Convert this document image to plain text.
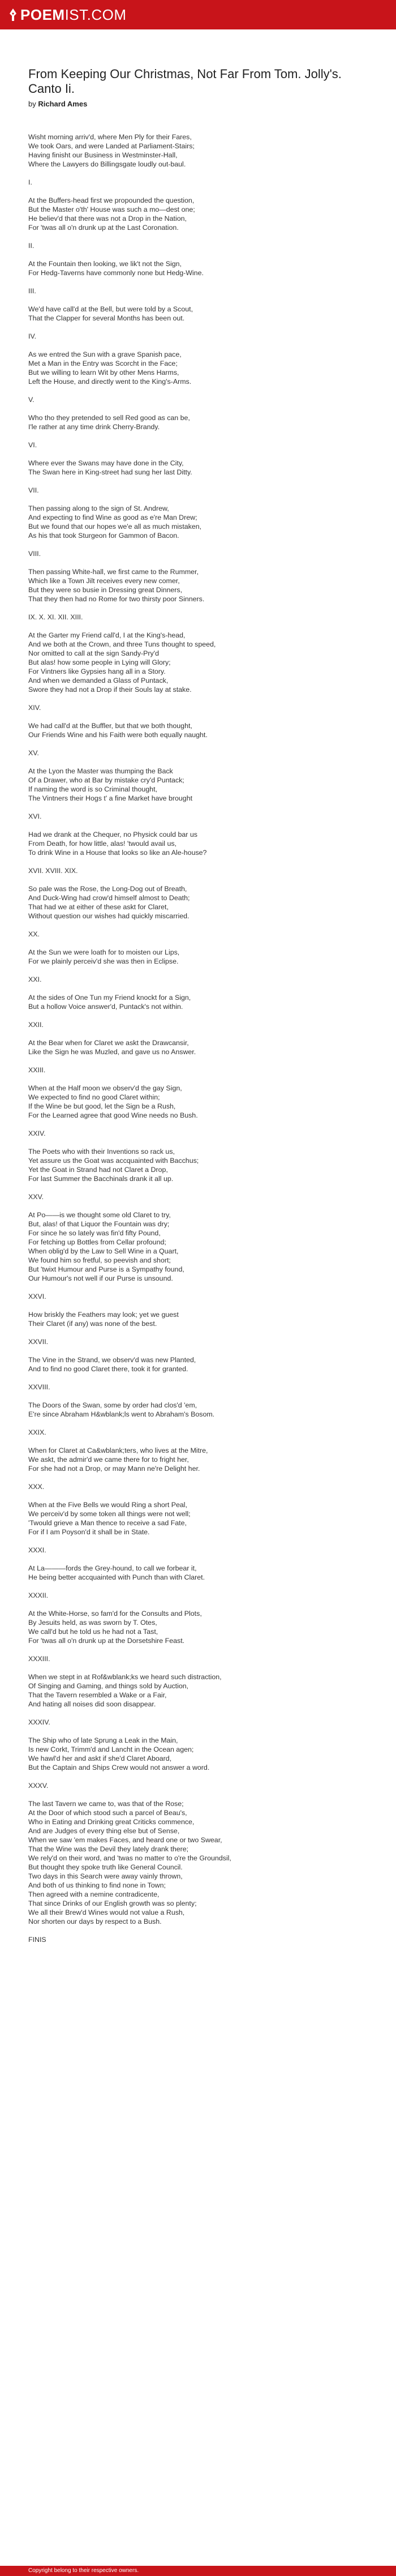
POEMIST.COM
From Keeping Our Christmas, Not Far From Tom. Jolly's. Canto Ii.
by Richard Ames
Wisht morning arriv'd, where Men Ply for their Fares,
We took Oars, and were Landed at Parliament-Stairs;
Having finisht our Business in Westminster-Hall,
Where the Lawyers do Billingsgate loudly out-baul.
I.
At the Buffers-head first we propounded the question,
But the Master o'th' House was such a mo—dest one;
He believ'd that there was not a Drop in the Nation,
For 'twas all o'n drunk up at the Last Coronation.
II.
At the Fountain then looking, we lik't not the Sign,
For Hedg-Taverns have commonly none but Hedg-Wine.
III.
We'd have call'd at the Bell, but were told by a Scout,
That the Clapper for several Months has been out.
IV.
As we entred the Sun with a grave Spanish pace,
Met a Man in the Entry was Scorcht in the Face;
But we willing to learn Wit by other Mens Harms,
Left the House, and directly went to the King's-Arms.
V.
Who tho they pretended to sell Red good as can be,
I'le rather at any time drink Cherry-Brandy.
VI.
Where ever the Swans may have done in the City,
The Swan here in King-street had sung her last Ditty.
VII.
Then passing along to the sign of St. Andrew,
And expecting to find Wine as good as e're Man Drew;
But we found that our hopes we'e all as much mistaken,
As his that took Sturgeon for Gammon of Bacon.
VIII.
Then passing White-hall, we first came to the Rummer,
Which like a Town Jilt receives every new comer,
But they were so busie in Dressing great Dinners,
That they then had no Rome for two thirsty poor Sinners.
IX. X. XI. XII. XIII.
At the Garter my Friend call'd, I at the King's-head,
And we both at the Crown, and three Tuns thought to speed,
Nor omitted to call at the sign Sandy-Pry'd
But alas! how some people in Lying will Glory;
For Vintners like Gypsies hang all in a Story.
And when we demanded a Glass of Puntack,
Swore they had not a Drop if their Souls lay at stake.
XIV.
We had call'd at the Buffler, but that we both thought,
Our Friends Wine and his Faith were both equally naught.
XV.
At the Lyon the Master was thumping the Back
Of a Drawer, who at Bar by mistake cry'd Puntack;
If naming the word is so Criminal thought,
The Vintners their Hogs t' a fine Market have brought
XVI.
Had we drank at the Chequer, no Physick could bar us
From Death, for how little, alas! 'twould avail us,
To drink Wine in a House that looks so like an Ale-house?
XVII. XVIII. XIX.
So pale was the Rose, the Long-Dog out of Breath,
And Duck-Wing had crow'd himself almost to Death;
That had we at either of these askt for Claret,
Without question our wishes had quickly miscarried.
XX.
At the Sun we were loath for to moisten our Lips,
For we plainly perceiv'd she was then in Eclipse.
XXI.
At the sides of One Tun my Friend knockt for a Sign,
But a hollow Voice answer'd, Puntack's not within.
XXII.
At the Bear when for Claret we askt the Drawcansir,
Like the Sign he was Muzled, and gave us no Answer.
XXIII.
When at the Half moon we observ'd the gay Sign,
We expected to find no good Claret within;
If the Wine be but good, let the Sign be a Rush,
For the Learned agree that good Wine needs no Bush.
XXIV.
The Poets who with their Inventions so rack us,
Yet assure us the Goat was accquainted with Bacchus;
Yet the Goat in Strand had not Claret a Drop,
For last Summer the Bacchinals drank it all up.
XXV.
At Po——is we thought some old Claret to try,
But, alas! of that Liquor the Fountain was dry;
For since he so lately was fin'd fifty Pound,
For fetching up Bottles from Cellar profound;
When oblig'd by the Law to Sell Wine in a Quart,
We found him so fretful, so peevish and short;
But 'twixt Humour and Purse is a Sympathy found,
Our Humour's not well if our Purse is unsound.
XXVI.
How briskly the Feathers may look; yet we guest
Their Claret (if any) was none of the best.
XXVII.
The Vine in the Strand, we observ'd was new Planted,
And to find no good Claret there, took it for granted.
XXVIII.
The Doors of the Swan, some by order had clos'd 'em,
E're since Abraham H&wblank;ls went to Abraham's Bosom.
XXIX.
When for Claret at Ca&wblank;ters, who lives at the Mitre,
We askt, the admir'd we came there for to fright her,
For she had not a Drop, or may Mann ne're Delight her.
XXX.
When at the Five Bells we would Ring a short Peal,
We perceiv'd by some token all things were not well;
'Twould grieve a Man thence to receive a sad Fate,
For if I am Poyson'd it shall be in State.
XXXI.
At La———fords the Grey-hound, to call we forbear it,
He being better accquainted with Punch than with Claret.
XXXII.
At the White-Horse, so fam'd for the Consults and Plots,
By Jesuits held, as was sworn by T. Otes,
We call'd but he told us he had not a Tast,
For 'twas all o'n drunk up at the Dorsetshire Feast.
XXXIII.
When we stept in at Rof&wblank;ks we heard such distraction,
Of Singing and Gaming, and things sold by Auction,
That the Tavern resembled a Wake or a Fair,
And hating all noises did soon disappear.
XXXIV.
The Ship who of late Sprung a Leak in the Main,
Is new Corkt, Trimm'd and Lancht in the Ocean agen;
We hawl'd her and askt if she'd Claret Aboard,
But the Captain and Ships Crew would not answer a word.
XXXV.
The last Tavern we came to, was that of the Rose;
At the Door of which stood such a parcel of Beau's,
Who in Eating and Drinking great Criticks commence,
And are Judges of every thing else but of Sense,
When we saw 'em makes Faces, and heard one or two Swear,
That the Wine was the Devil they lately drank there;
We rely'd on their word, and 'twas no matter to o're the Groundsil,
But thought they spoke truth like General Council.
Two days in this Search were away vainly thrown,
And both of us thinking to find none in Town;
Then agreed with a nemine contradicente,
That since Drinks of our English growth was so plenty;
We all their Brew'd Wines would not value a Rush,
Nor shorten our days by respect to a Bush.
FINIS
Copyright belong to their respective owners.
